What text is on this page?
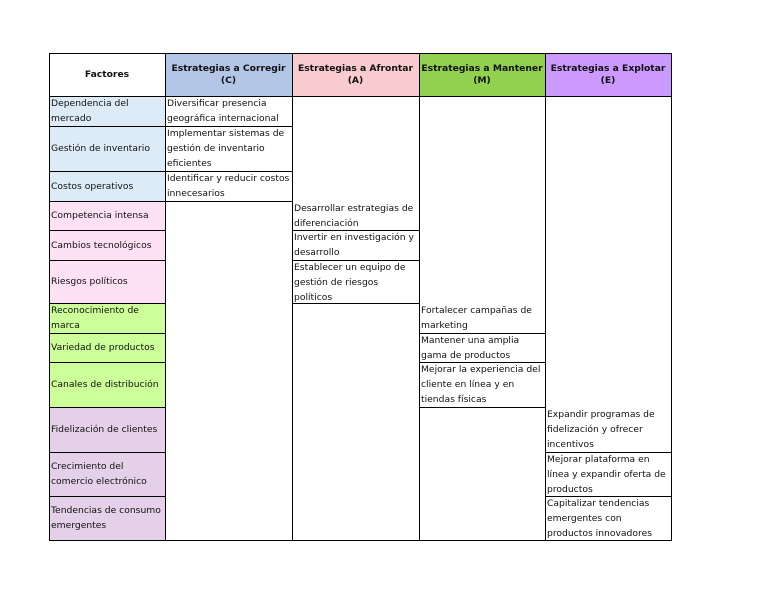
Factores
Estrategias a Corregir (C)
Estrategias a Afrontar (A)
Estrategias a Mantener (M)
Estrategias a Explotar (E)
Dependencia del mercado
Gestión de inventario
Costos operativos
Competencia intensa
Cambios tecnológicos
Riesgos políticos
Reconocimiento de marca
Variedad de productos
Canales de distribución
Fidelización de clientes
Crecimiento del comercio electrónico
Tendencias de consumo emergentes
Diversificar presencia geográfica internacional
Implementar sistemas de gestión de inventario eficientes
Identificar y reducir costos innecesarios
Desarrollar estrategias de diferenciación
Invertir en investigación y desarrollo
Establecer un equipo de gestión de riesgos políticos
Fortalecer campañas de marketing
Mantener una amplia gama de productos
Mejorar la experiencia del cliente en línea y en tiendas físicas
Expandir programas de fidelización y ofrecer incentivos
Mejorar plataforma en línea y expandir oferta de productos
Capitalizar tendencias emergentes con productos innovadores
